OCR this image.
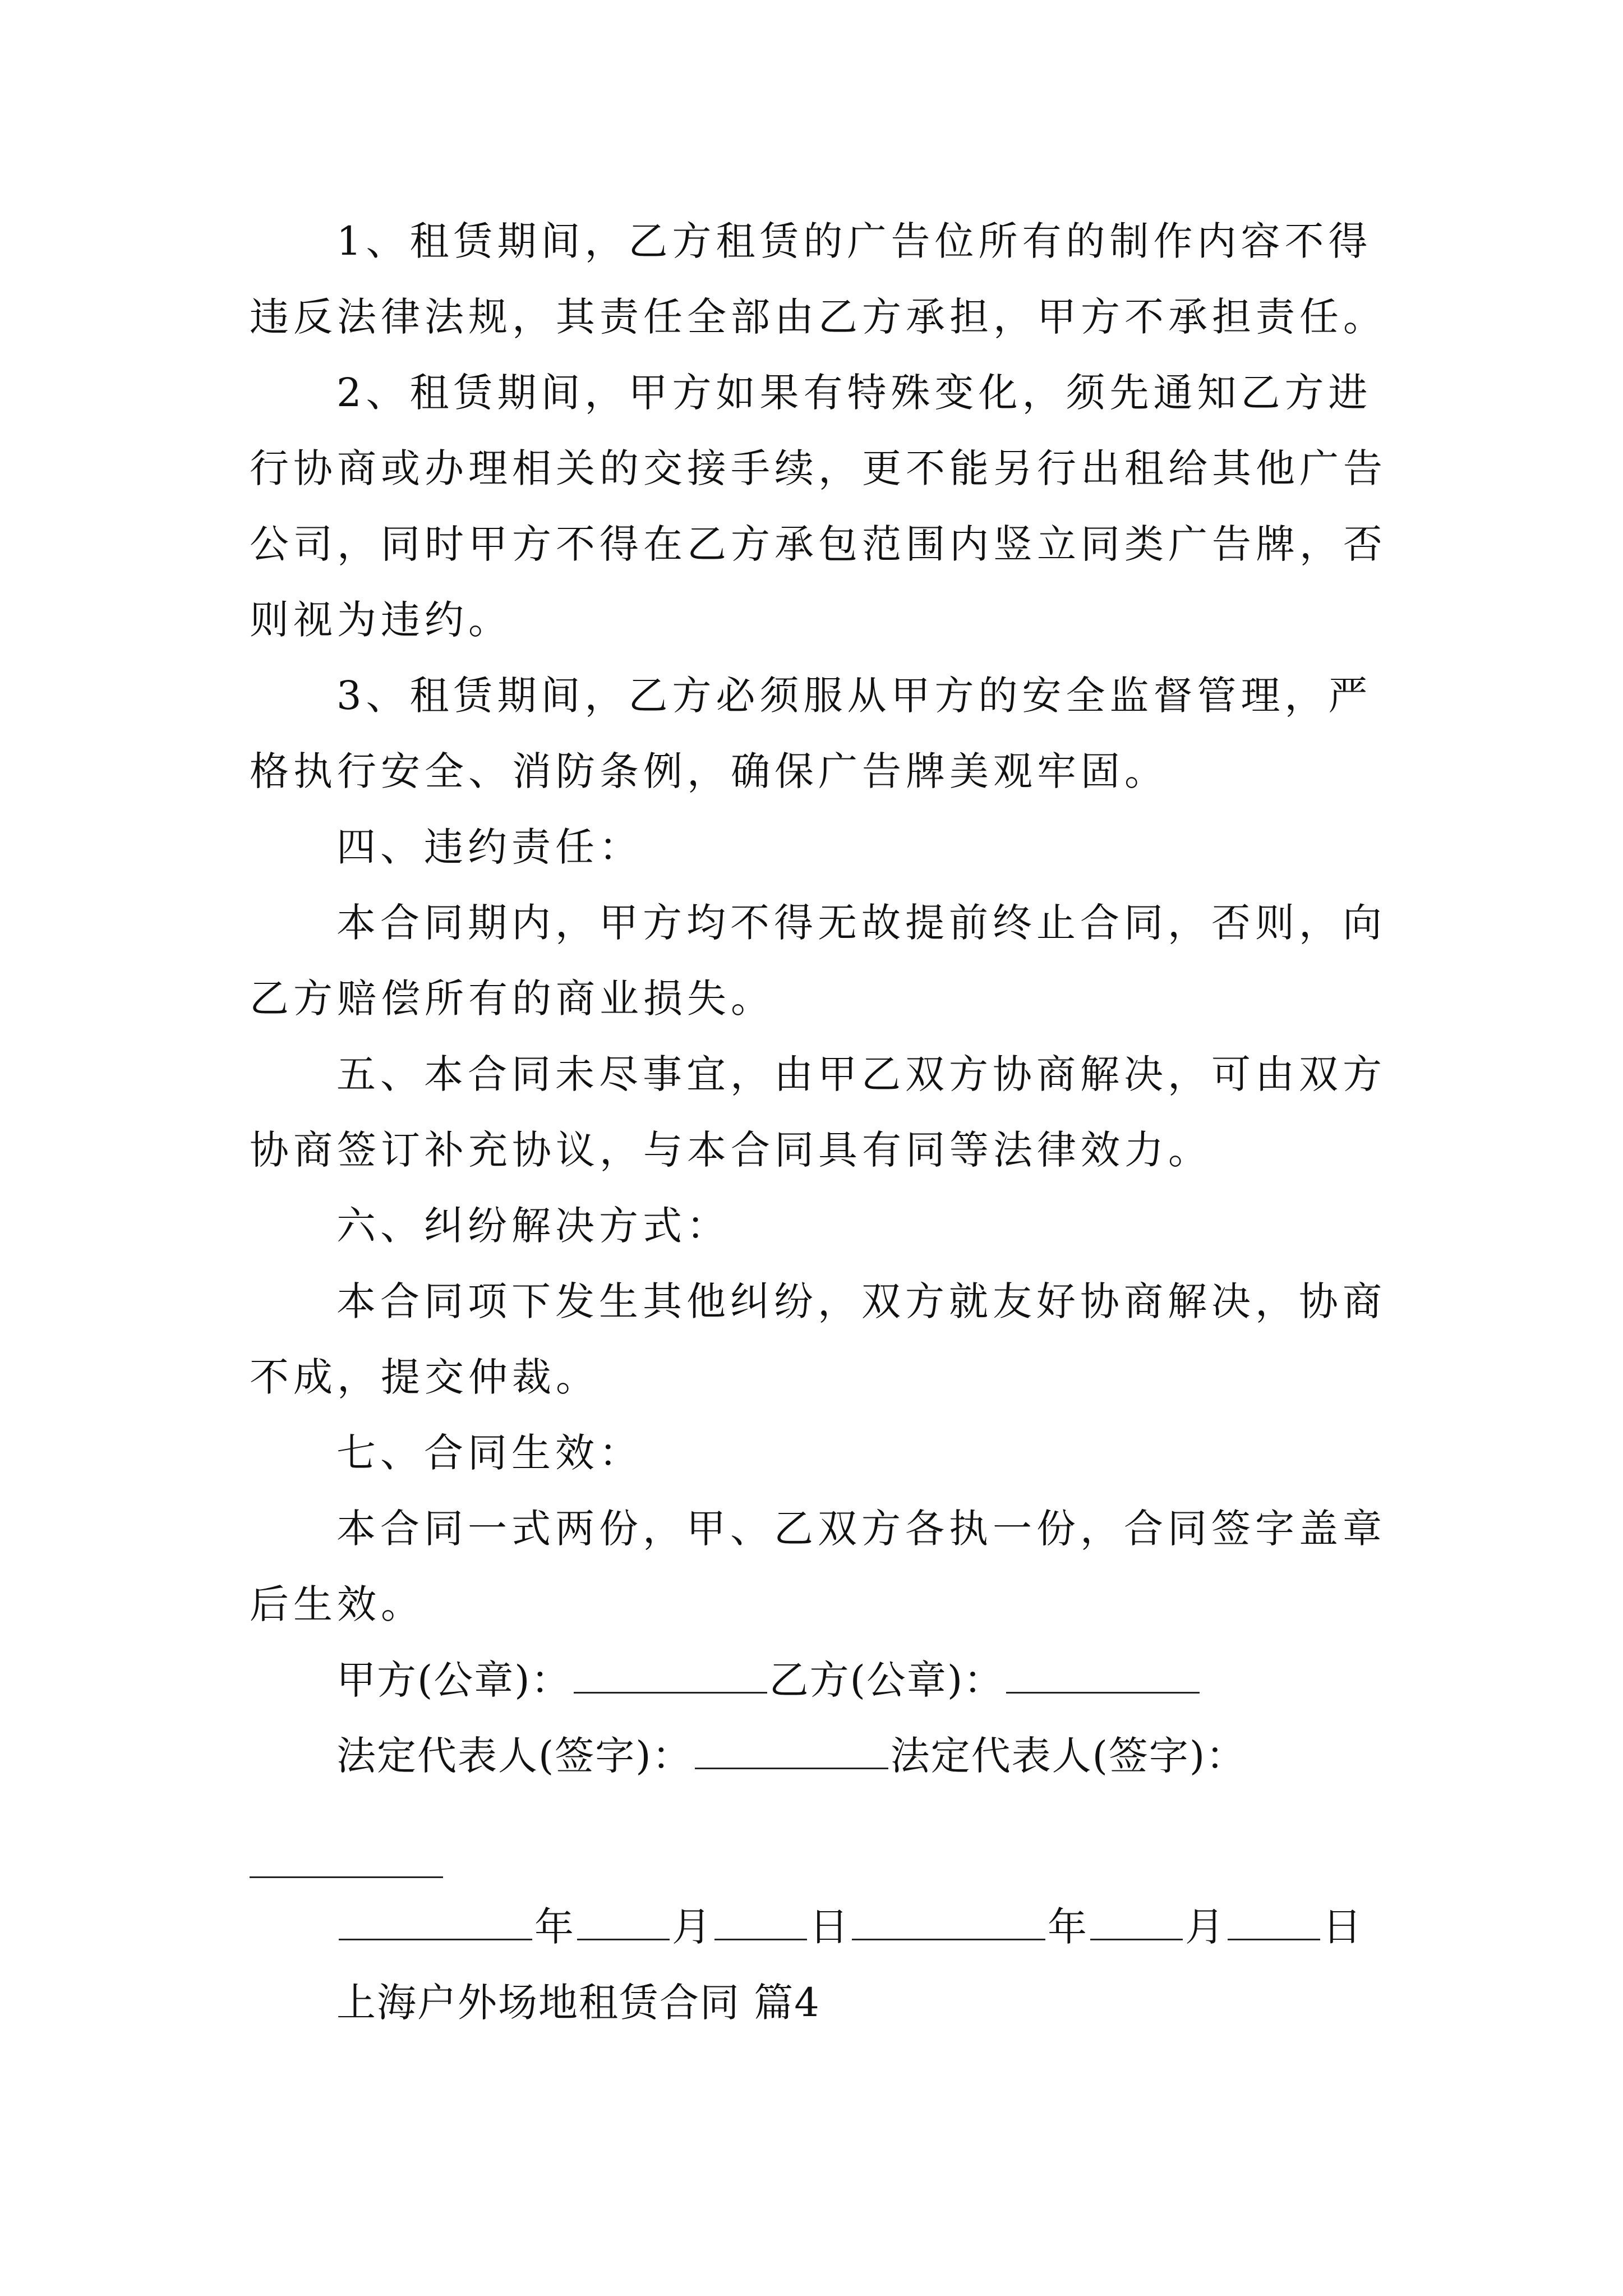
1、租赁期间，乙方租赁的广告位所有的制作内容不得
违反法律法规，其责任全部由乙方承担，甲方不承担责任。
2、租赁期间，甲方如果有特殊变化，须先通知乙方进
行协商或办理相关的交接手续，更不能另行出租给其他广告
公司，同时甲方不得在乙方承包范围内竖立同类广告牌，否
则视为违约。
3、租赁期间，乙方必须服从甲方的安全监督管理，严
格执行安全、消防条例，确保广告牌美观牢固。
四、违约责任：
本合同期内，甲方均不得无故提前终止合同，否则，向
乙方赔偿所有的商业损失。
五、本合同未尽事宜，由甲乙双方协商解决，可由双方
协商签订补充协议，与本合同具有同等法律效力。
六、纠纷解决方式：
本合同项下发生其他纠纷，双方就友好协商解决，协商
不成，提交仲裁。
七、合同生效：
本合同一式两份，甲、乙双方各执一份，合同签字盖章
后生效。
甲方(公章)：	乙方(公章)：
法定代表人(签字)：	法定代表人(签字)：
年 月 日	年 月 日
上海户外场地租赁合同 篇4
